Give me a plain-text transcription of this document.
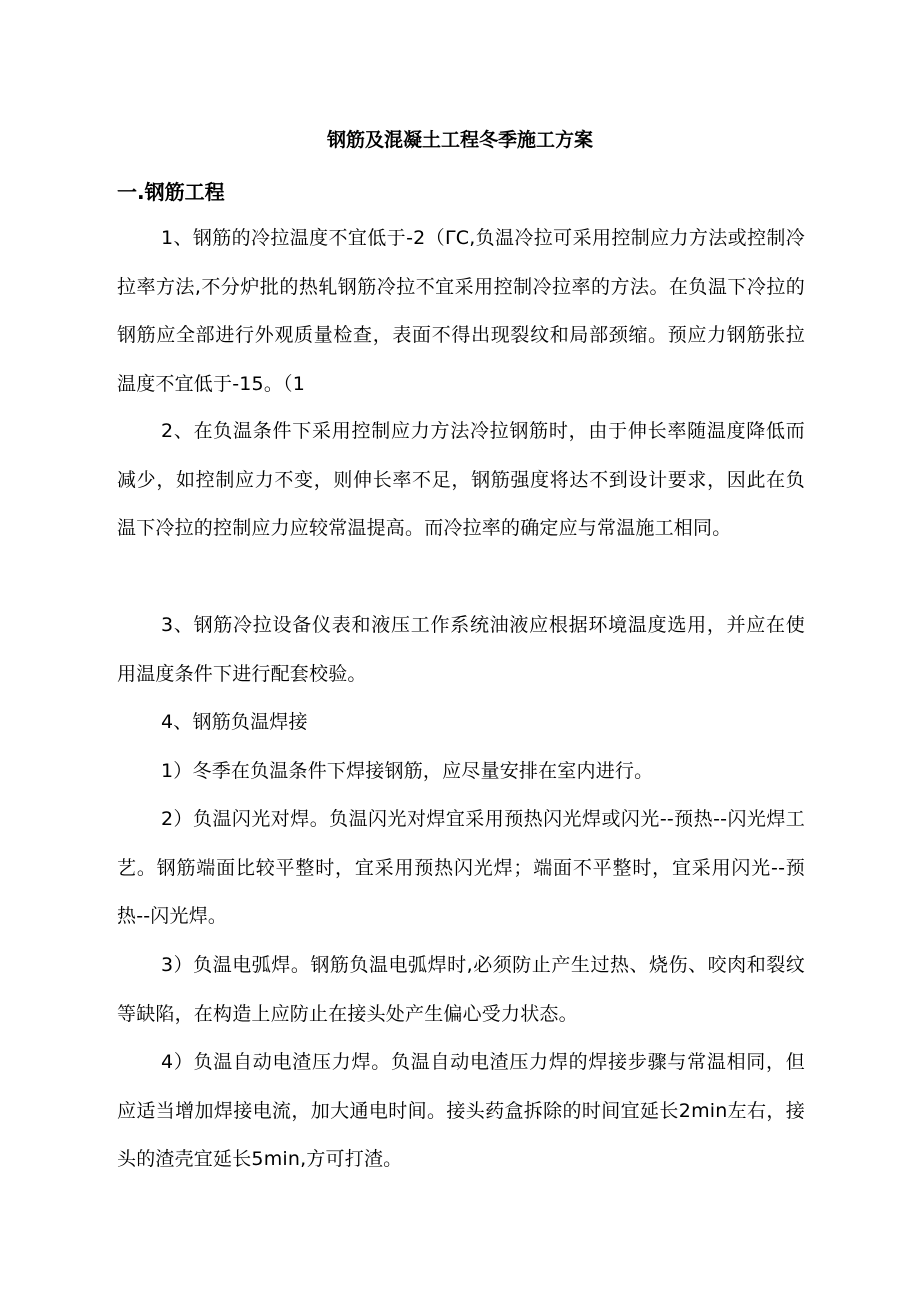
钢筋及混凝土工程冬季施工方案
一.钢筋工程

1、钢筋的冷拉温度不宜低于-2（ΓC,负温冷拉可采用控制应力方法或控制冷拉率方法,不分炉批的热轧钢筋冷拉不宜采用控制冷拉率的方法。在负温下冷拉的钢筋应全部进行外观质量检查，表面不得出现裂纹和局部颈缩。预应力钢筋张拉温度不宜低于-15。（1

2、在负温条件下采用控制应力方法冷拉钢筋时，由于伸长率随温度降低而减少，如控制应力不变，则伸长率不足，钢筋强度将达不到设计要求，因此在负温下冷拉的控制应力应较常温提高。而冷拉率的确定应与常温施工相同。

3、钢筋冷拉设备仪表和液压工作系统油液应根据环境温度选用，并应在使用温度条件下进行配套校验。

4、钢筋负温焊接

1）冬季在负温条件下焊接钢筋，应尽量安排在室内进行。

2）负温闪光对焊。负温闪光对焊宜采用预热闪光焊或闪光--预热--闪光焊工艺。钢筋端面比较平整时，宜采用预热闪光焊；端面不平整时，宜采用闪光--预热--闪光焊。

3）负温电弧焊。钢筋负温电弧焊时,必须防止产生过热、烧伤、咬肉和裂纹等缺陷，在构造上应防止在接头处产生偏心受力状态。

4）负温自动电渣压力焊。负温自动电渣压力焊的焊接步骤与常温相同，但应适当增加焊接电流，加大通电时间。接头药盒拆除的时间宜延长2min左右，接头的渣壳宜延长5min,方可打渣。
